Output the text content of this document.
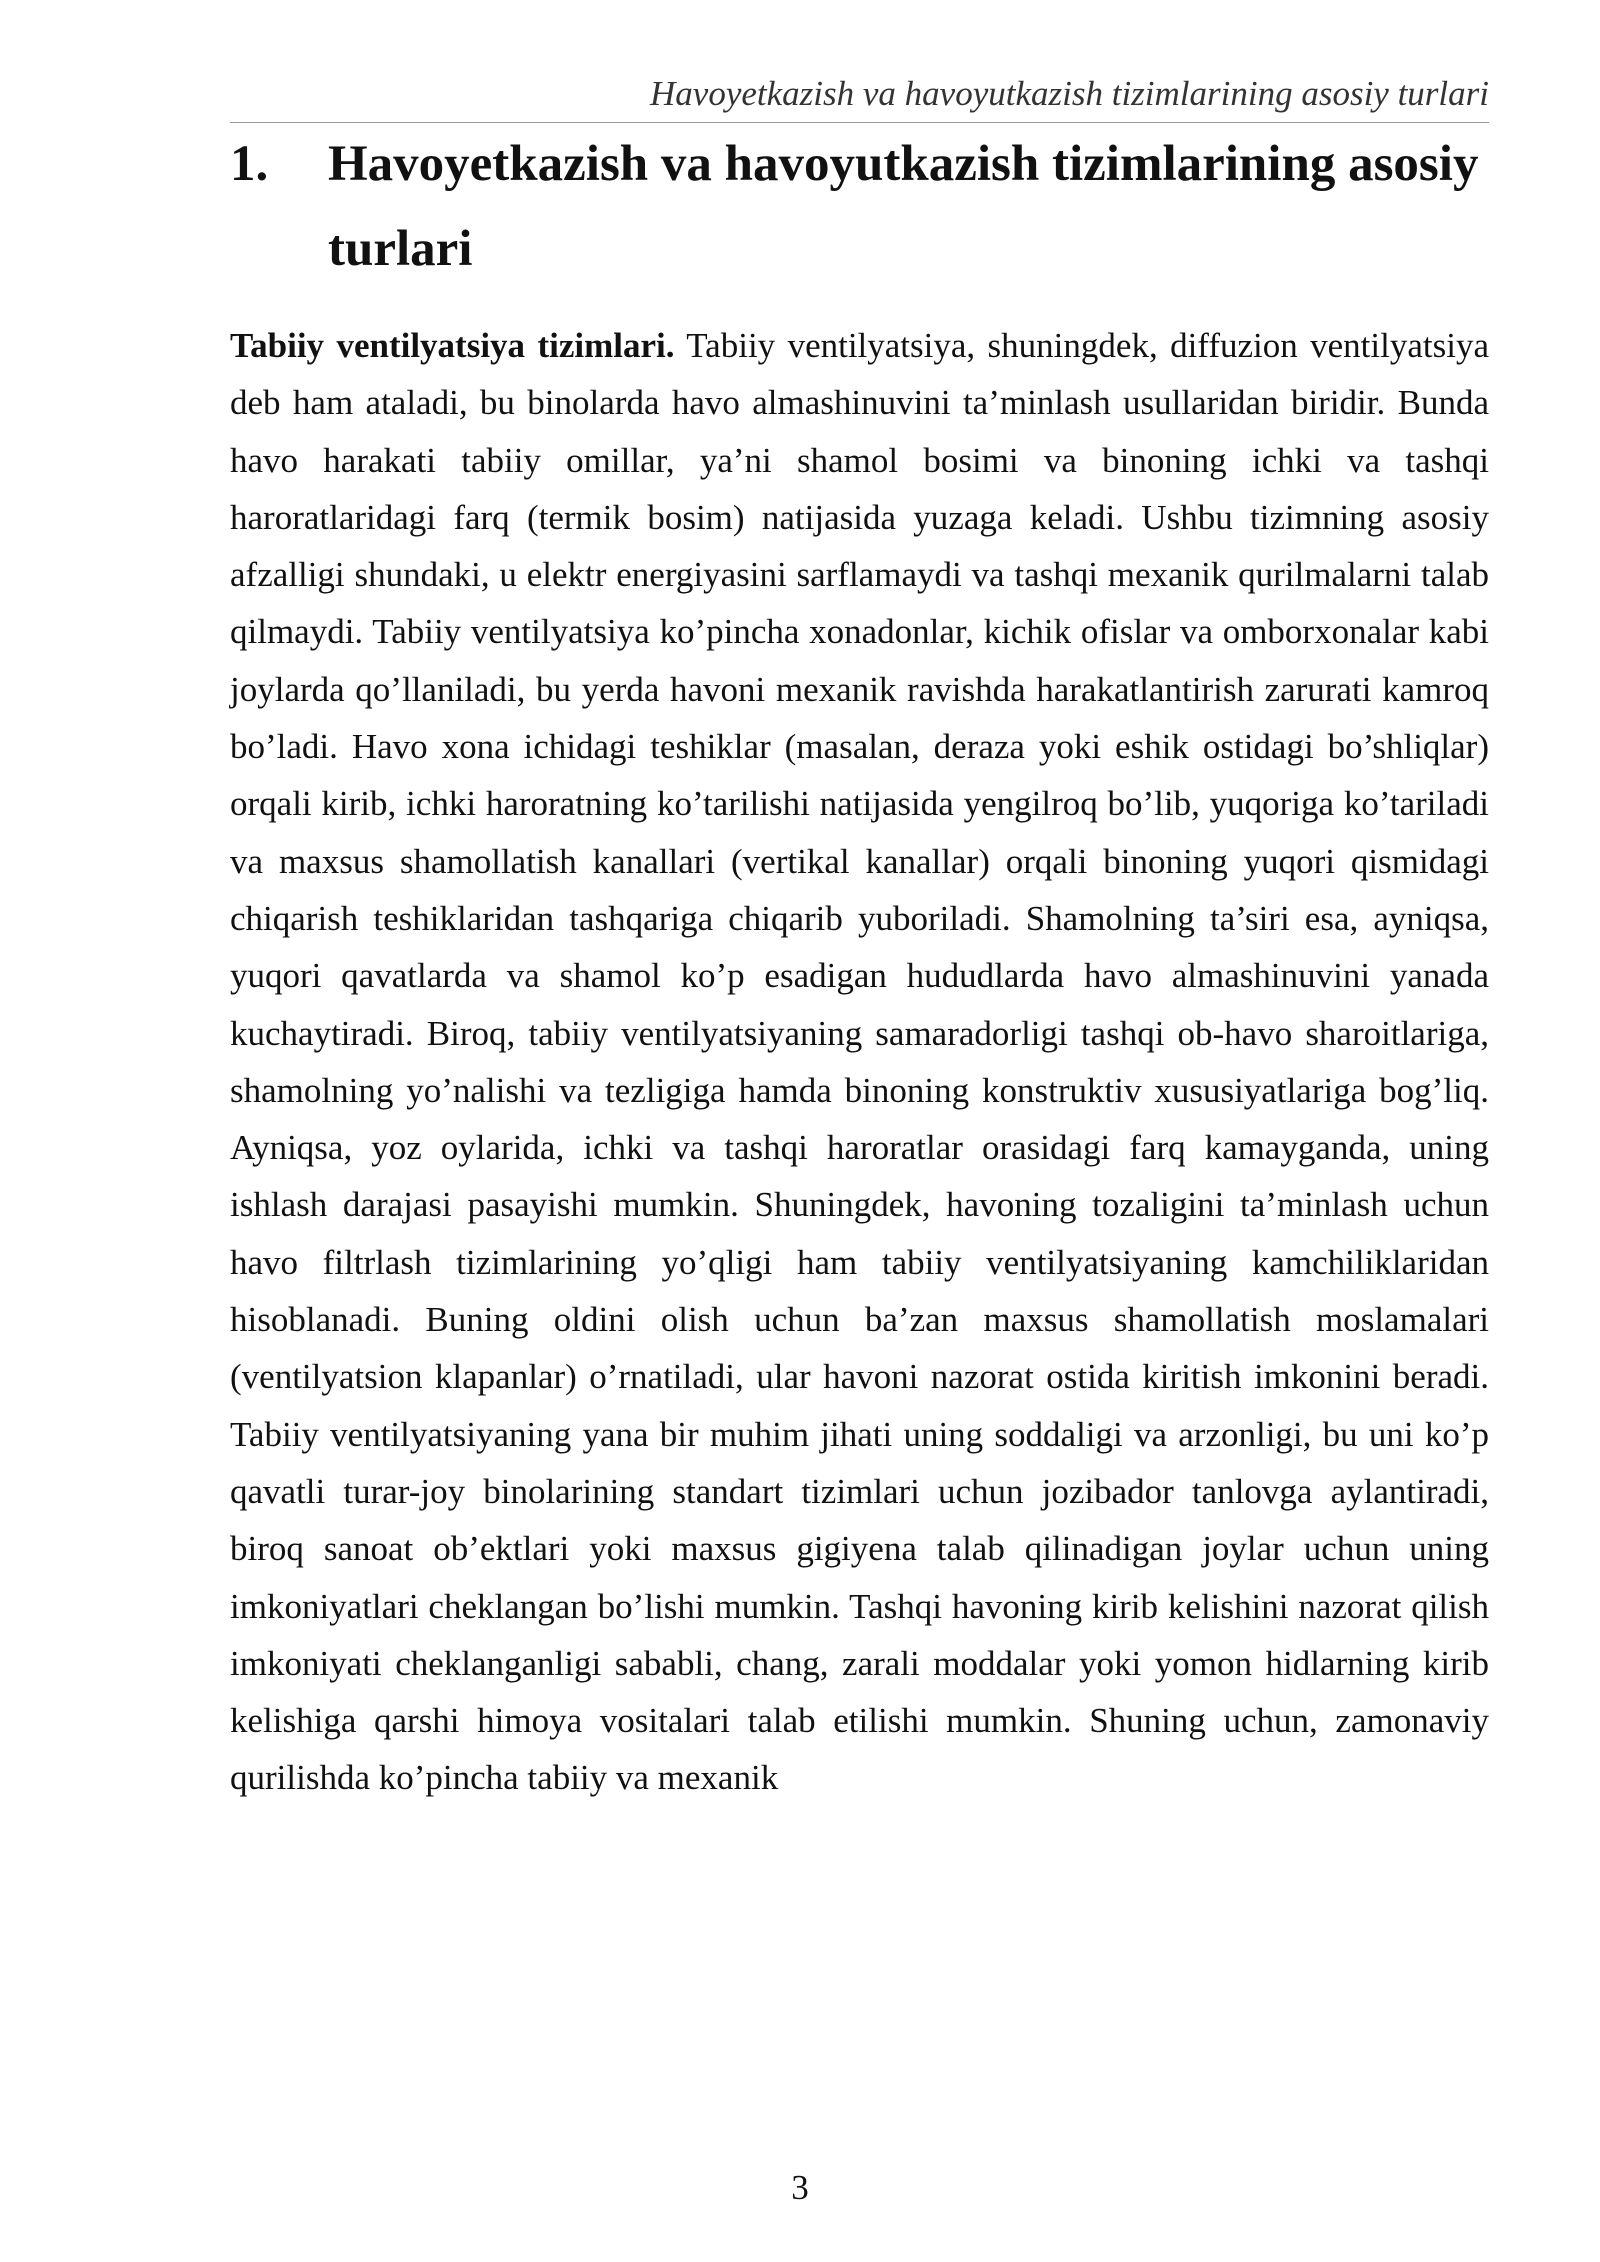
Havoyetkazish va havoyutkazish tizimlarining asosiy turlari
1.	Havoyetkazish va havoyutkazish tizimlarining asosiy turlari

Tabiiy ventilyatsiya tizimlari. Tabiiy ventilyatsiya, shuningdek, diffuzion ventilyatsiya deb ham ataladi, bu binolarda havo almashinuvini ta’minlash usullaridan biridir. Bunda havo harakati tabiiy omillar, ya’ni shamol bosimi va binoning ichki va tashqi haroratlaridagi farq (termik bosim) natijasida yuzaga keladi. Ushbu tizimning asosiy afzalligi shundaki, u elektr energiyasini sarflamaydi va tashqi mexanik qurilmalarni talab qilmaydi. Tabiiy ventilyatsiya ko’pincha xonadonlar, kichik ofislar va omborxonalar kabi joylarda qo’llaniladi, bu yerda havoni mexanik ravishda harakatlantirish zarurati kamroq bo’ladi. Havo xona ichidagi teshiklar (masalan, deraza yoki eshik ostidagi bo’shliqlar) orqali kirib, ichki haroratning ko’tarilishi natijasida yengilroq bo’lib, yuqoriga ko’tariladi va maxsus shamollatish kanallari (vertikal kanallar) orqali binoning yuqori qismidagi chiqarish teshiklaridan tashqariga chiqarib yuboriladi. Shamolning ta’siri esa, ayniqsa, yuqori qavatlarda va shamol ko’p esadigan hududlarda havo almashinuvini yanada kuchaytiradi. Biroq, tabiiy ventilyatsiyaning samaradorligi tashqi ob-havo sharoitlariga, shamolning yo’nalishi va tezligiga hamda binoning konstruktiv xususiyatlariga bog’liq. Ayniqsa, yoz oylarida, ichki va tashqi haroratlar orasidagi farq kamayganda, uning ishlash darajasi pasayishi mumkin. Shuningdek, havoning tozaligini ta’minlash uchun havo filtrlash tizimlarining yo’qligi ham tabiiy ventilyatsiyaning kamchiliklaridan hisoblanadi. Buning oldini olish uchun ba’zan maxsus shamollatish moslamalari (ventilyatsion klapanlar) o’rnatiladi, ular havoni nazorat ostida kiritish imkonini beradi. Tabiiy ventilyatsiyaning yana bir muhim jihati uning soddaligi va arzonligi, bu uni ko’p qavatli turar-joy binolarining standart tizimlari uchun jozibador tanlovga aylantiradi, biroq sanoat ob’ektlari yoki maxsus gigiyena talab qilinadigan joylar uchun uning imkoniyatlari cheklangan bo’lishi mumkin. Tashqi havoning kirib kelishini nazorat qilish imkoniyati cheklanganligi sababli, chang, zarali moddalar yoki yomon hidlarning kirib kelishiga qarshi himoya vositalari talab etilishi mumkin. Shuning uchun, zamonaviy qurilishda ko’pincha tabiiy va mexanik

3
